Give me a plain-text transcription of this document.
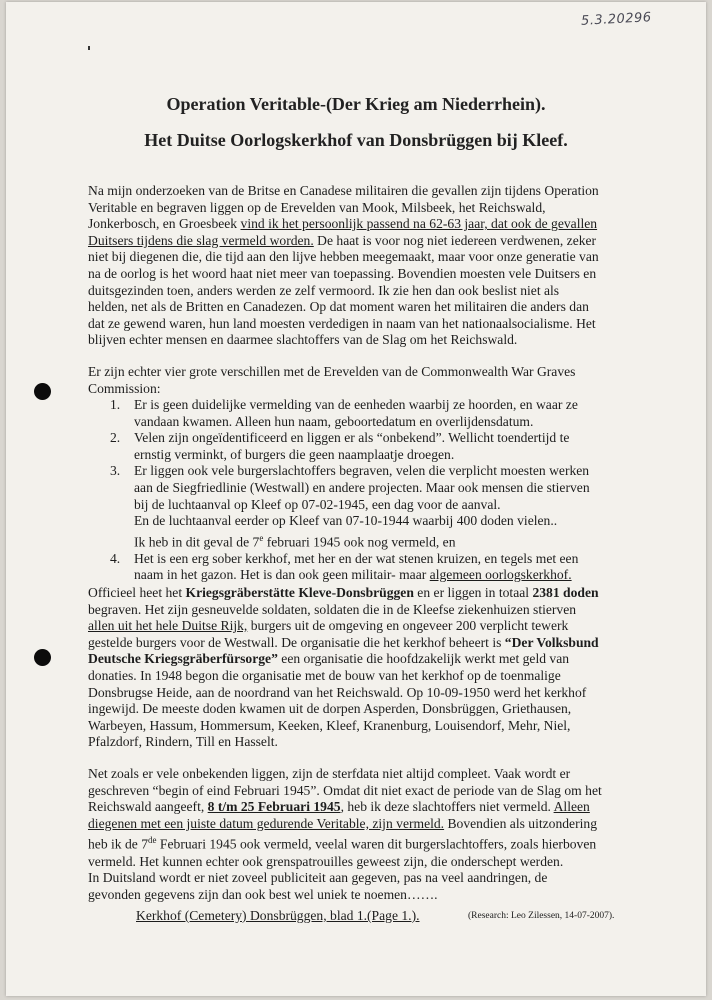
5.3.20296
Operation Veritable-(Der Krieg am Niederrhein).
Het Duitse Oorlogskerkhof van Donsbrüggen bij Kleef.
Na mijn onderzoeken van de Britse en Canadese militairen die gevallen zijn tijdens Operation
Veritable en begraven liggen op de Erevelden van Mook, Milsbeek, het Reichswald,
Jonkerbosch, en Groesbeek vind ik het persoonlijk passend na 62-63 jaar, dat ook de gevallen
Duitsers tijdens die slag vermeld worden. De haat is voor nog niet iedereen verdwenen, zeker
niet bij diegenen die, die tijd aan den lijve hebben meegemaakt, maar voor onze generatie van
na de oorlog is het woord haat niet meer van toepassing. Bovendien moesten vele Duitsers en
duitsgezinden toen, anders werden ze zelf vermoord. Ik zie hen dan ook beslist niet als
helden, net als de Britten en Canadezen. Op dat moment waren het militairen die anders dan
dat ze gewend waren, hun land moesten verdedigen in naam van het nationaalsocialisme. Het
blijven echter mensen en daarmee slachtoffers van de Slag om het Reichswald.
Er zijn echter vier grote verschillen met de Erevelden van de Commonwealth War Graves
Commission:
1. Er is geen duidelijke vermelding van de eenheden waarbij ze hoorden, en waar ze
vandaan kwamen. Alleen hun naam, geboortedatum en overlijdensdatum.
2. Velen zijn ongeïdentificeerd en liggen er als “onbekend”. Wellicht toendertijd te
ernstig verminkt, of burgers die geen naamplaatje droegen.
3. Er liggen ook vele burgerslachtoffers begraven, velen die verplicht moesten werken
aan de Siegfriedlinie (Westwall) en andere projecten. Maar ook mensen die stierven
bij de luchtaanval op Kleef op 07-02-1945, een dag voor de aanval.
En de luchtaanval eerder op Kleef van 07-10-1944 waarbij 400 doden vielen..
Ik heb in dit geval de 7e februari 1945 ook nog vermeld, en
4. Het is een erg sober kerkhof, met her en der wat stenen kruizen, en tegels met een
naam in het gazon. Het is dan ook geen militair- maar algemeen oorlogskerkhof.
Officieel heet het Kriegsgräberstätte Kleve-Donsbrüggen en er liggen in totaal 2381 doden
begraven. Het zijn gesneuvelde soldaten, soldaten die in de Kleefse ziekenhuizen stierven
allen uit het hele Duitse Rijk, burgers uit de omgeving en ongeveer 200 verplicht tewerk
gestelde burgers voor de Westwall. De organisatie die het kerkhof beheert is “Der Volksbund
Deutsche Kriegsgräberfürsorge” een organisatie die hoofdzakelijk werkt met geld van
donaties. In 1948 begon die organisatie met de bouw van het kerkhof op de toenmalige
Donsbrugse Heide, aan de noordrand van het Reichswald. Op 10-09-1950 werd het kerkhof
ingewijd. De meeste doden kwamen uit de dorpen Asperden, Donsbrüggen, Griethausen,
Warbeyen, Hassum, Hommersum, Keeken, Kleef, Kranenburg, Louisendorf, Mehr, Niel,
Pfalzdorf, Rindern, Till en Hasselt.
Net zoals er vele onbekenden liggen, zijn de sterfdata niet altijd compleet. Vaak wordt er
geschreven “begin of eind Februari 1945”. Omdat dit niet exact de periode van de Slag om het
Reichswald aangeeft, 8 t/m 25 Februari 1945, heb ik deze slachtoffers niet vermeld. Alleen
diegenen met een juiste datum gedurende Veritable, zijn vermeld. Bovendien als uitzondering
heb ik de 7de Februari 1945 ook vermeld, veelal waren dit burgerslachtoffers, zoals hierboven
vermeld. Het kunnen echter ook grenspatrouilles geweest zijn, die onderschept werden.
In Duitsland wordt er niet zoveel publiciteit aan gegeven, pas na veel aandringen, de
gevonden gegevens zijn dan ook best wel uniek te noemen…….
Kerkhof (Cemetery) Donsbrüggen, blad 1.(Page 1.).	(Research: Leo Zilessen, 14-07-2007).
